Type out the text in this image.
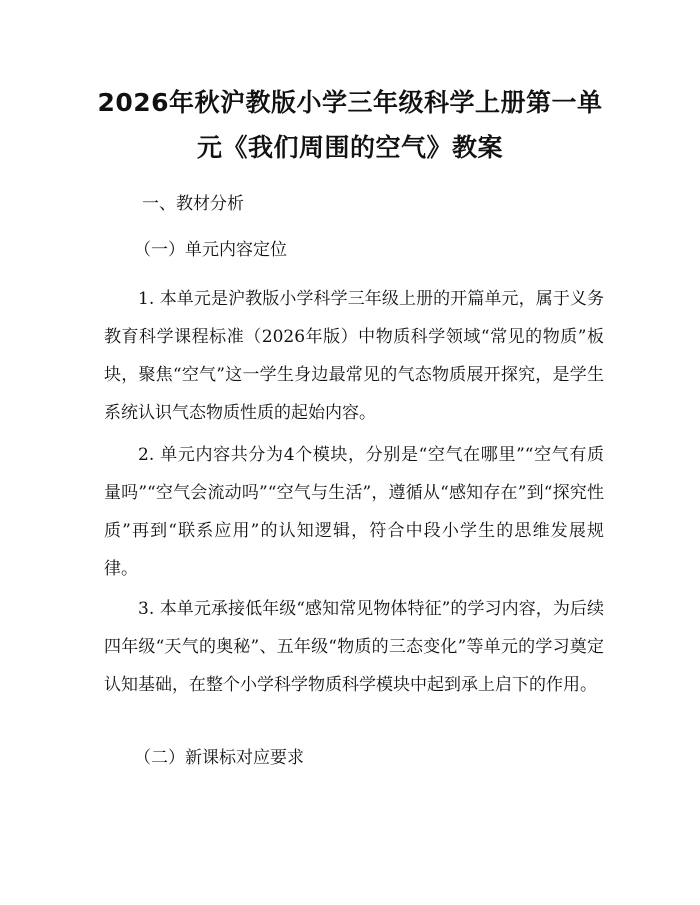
2026年秋沪教版小学三年级科学上册第一单
元《我们周围的空气》教案
一、教材分析
（一）单元内容定位

1. 本单元是沪教版小学科学三年级上册的开篇单元，属于义务教育科学课程标准（2026年版）中物质科学领域“常见的物质”板块，聚焦“空气”这一学生身边最常见的气态物质展开探究，是学生系统认识气态物质性质的起始内容。

2. 单元内容共分为4个模块，分别是“空气在哪里”“空气有质量吗”“空气会流动吗”“空气与生活”，遵循从“感知存在”到“探究性质”再到“联系应用”的认知逻辑，符合中段小学生的思维发展规律。

3. 本单元承接低年级“感知常见物体特征”的学习内容，为后续四年级“天气的奥秘”、五年级“物质的三态变化”等单元的学习奠定认知基础，在整个小学科学物质科学模块中起到承上启下的作用。

（二）新课标对应要求
